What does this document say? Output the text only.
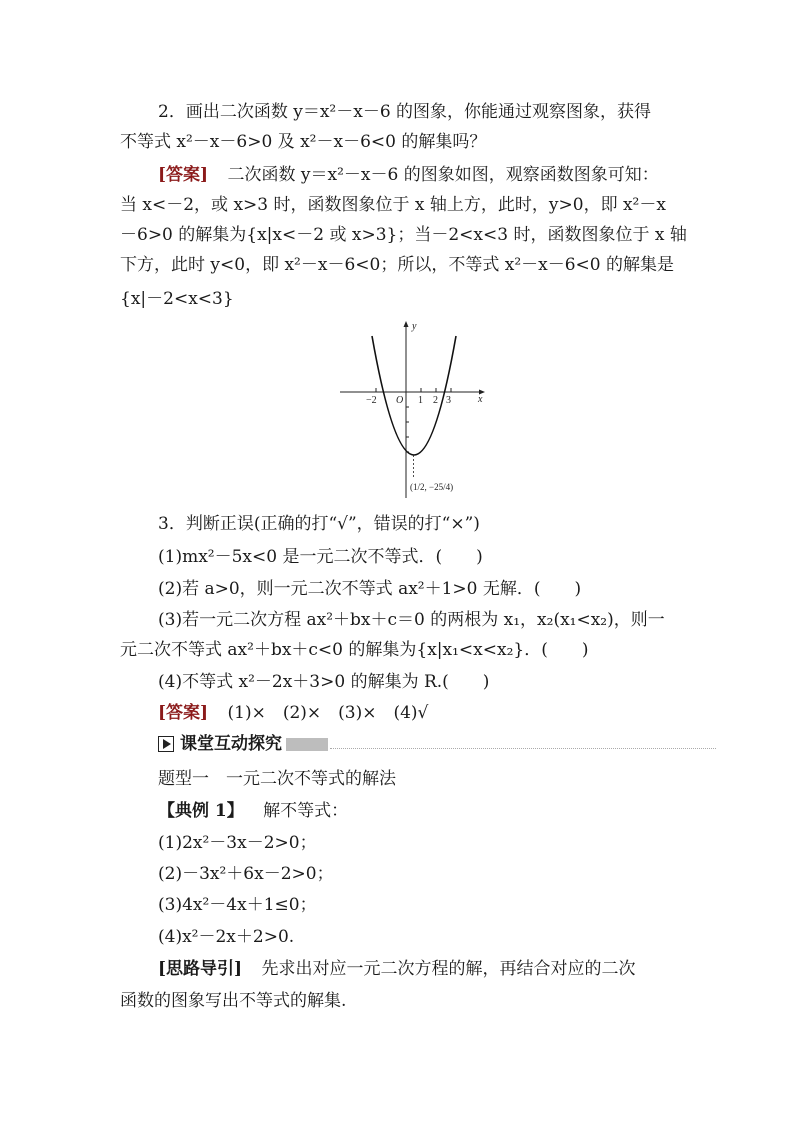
2．画出二次函数 y＝x²－x－6 的图象，你能通过观察图象，获得
不等式 x²－x－6>0 及 x²－x－6<0 的解集吗？
[答案] 二次函数 y＝x²－x－6 的图象如图，观察函数图象可知：
当 x<－2，或 x>3 时，函数图象位于 x 轴上方，此时，y>0，即 x²－x
－6>0 的解集为{x|x<－2 或 x>3}；当－2<x<3 时，函数图象位于 x 轴
下方，此时 y<0，即 x²－x－6<0；所以，不等式 x²－x－6<0 的解集是
{x|－2<x<3}
y
x
O
−2	1 2 3
(1/2, −25/4)
3．判断正误(正确的打“√”，错误的打“×”)
(1)mx²－5x<0 是一元二次不等式．(　　)
(2)若 a>0，则一元二次不等式 ax²＋1>0 无解．(　　)
(3)若一元二次方程 ax²＋bx＋c＝0 的两根为 x₁，x₂(x₁<x₂)，则一
元二次不等式 ax²＋bx＋c<0 的解集为{x|x₁<x<x₂}．(　　)
(4)不等式 x²－2x＋3>0 的解集为 R.(　　)
[答案] (1)×　(2)×　(3)×　(4)√
课堂互动探究
题型一　一元二次不等式的解法
【典例 1】 解不等式：
(1)2x²－3x－2>0；
(2)－3x²＋6x－2>0；
(3)4x²－4x＋1≤0；
(4)x²－2x＋2>0.
[思路导引] 先求出对应一元二次方程的解，再结合对应的二次
函数的图象写出不等式的解集.
